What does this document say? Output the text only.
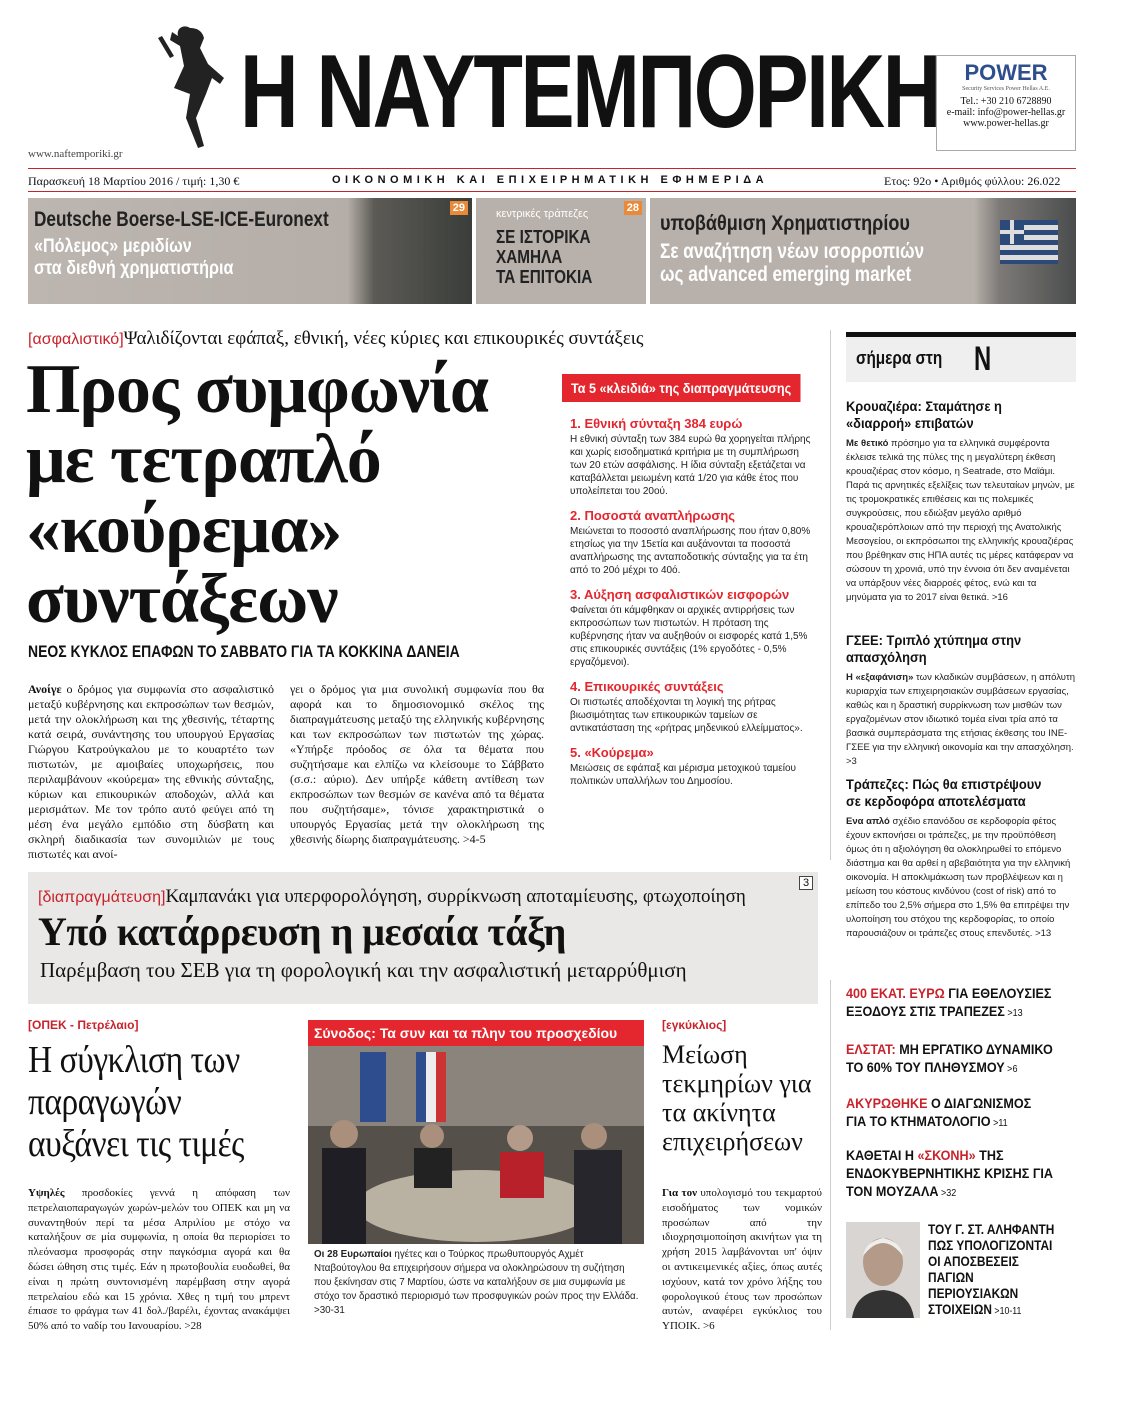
Η ΝΑΥΤΕΜΠΟΡΙΚΗ
www.naftemporiki.gr
POWER
Security Services Power Hellas A.E.
Tel.: +30 210 6728890
e-mail: info@power-hellas.gr
www.power-hellas.gr
Παρασκευή 18 Μαρτίου 2016 / τιμή: 1,30 €	ΟΙΚΟΝΟΜΙΚΗ ΚΑΙ ΕΠΙΧΕΙΡΗΜΑΤΙΚΗ ΕΦΗΜΕΡΙΔΑ	Ετος: 92ο • Αριθμός φύλλου: 26.022
Deutsche Boerse-LSE-ICE-Euronext
«Πόλεμος» μεριδίων
στα διεθνή χρηματιστήρια
29	κεντρικές τράπεζες
ΣΕ ΙΣΤΟΡΙΚΑ
ΧΑΜΗΛΑ
ΤΑ ΕΠΙΤΟΚΙΑ
28
υποβάθμιση Χρηματιστηρίου
Σε αναζήτηση νέων ισορροπιών
ως advanced emerging market
[ασφαλιστικό]Ψαλιδίζονται εφάπαξ, εθνική, νέες κύριες και επικουρικές συντάξεις
Προς συμφωνία
με τετραπλό
«κούρεμα»
συντάξεων
ΝΕΟΣ ΚΥΚΛΟΣ ΕΠΑΦΩΝ ΤΟ ΣΑΒΒΑΤΟ ΓΙΑ ΤΑ ΚΟΚΚΙΝΑ ΔΑΝΕΙΑ
Ανοίγε ο δρόμος για συμφωνία στο ασφαλιστικό μεταξύ κυβέρνησης και εκπροσώπων των θεσμών, μετά την ολοκλήρωση και της χθεσινής, τέταρτης κατά σειρά, συνάντησης του υπουργού Εργασίας Γιώργου Κατρούγκαλου με το κουαρτέτο των πιστωτών, με αμοιβαίες υποχωρήσεις, που περιλαμβάνουν «κούρεμα» της εθνικής σύνταξης, κύριων και επικουρικών αποδοχών, αλλά και μερισμάτων. Με τον τρόπο αυτό φεύγει από τη μέση ένα μεγάλο εμπόδιο στη δύσβατη και σκληρή διαδικασία των συνομιλιών με τους πιστωτές και ανοί-
γει ο δρόμος για μια συνολική συμφωνία που θα αφορά και το δημοσιονομικό σκέλος της διαπραγμάτευσης μεταξύ της ελληνικής κυβέρνησης και των εκπροσώπων των πιστωτών της χώρας. «Υπήρξε πρόοδος σε όλα τα θέματα που συζητήσαμε και ελπίζω να κλείσουμε το Σάββατο (σ.σ.: αύριο). Δεν υπήρξε κάθετη αντίθεση των εκπροσώπων των θεσμών σε κανένα από τα θέματα που συζητήσαμε», τόνισε χαρακτηριστικά ο υπουργός Εργασίας μετά την ολοκλήρωση της χθεσινής δίωρης διαπραγμάτευσης. >4-5
Τα 5 «κλειδιά» της διαπραγμάτευσης
1. Εθνική σύνταξη 384 ευρώ
Η εθνική σύνταξη των 384 ευρώ θα χορηγείται πλήρης και χωρίς εισοδηματικά κριτήρια με τη συμπλήρωση των 20 ετών ασφάλισης. Η ίδια σύνταξη εξετάζεται να καταβάλλεται μειωμένη κατά 1/20 για κάθε έτος που υπολείπεται του 20ού.
2. Ποσοστά αναπλήρωσης
Μειώνεται το ποσοστό αναπλήρωσης που ήταν 0,80% ετησίως για την 15ετία και αυξάνονται τα ποσοστά αναπλήρωσης της ανταποδοτικής σύνταξης για τα έτη από το 20ό μέχρι το 40ό.
3. Αύξηση ασφαλιστικών εισφορών
Φαίνεται ότι κάμφθηκαν οι αρχικές αντιρρήσεις των εκπροσώπων των πιστωτών. Η πρόταση της κυβέρνησης ήταν να αυξηθούν οι εισφορές κατά 1,5% στις επικουρικές συντάξεις (1% εργοδότες - 0,5% εργαζόμενοι).
4. Επικουρικές συντάξεις
Οι πιστωτές αποδέχονται τη λογική της ρήτρας βιωσιμότητας των επικουρικών ταμείων σε αντικατάσταση της «ρήτρας μηδενικού ελλείμματος».
5. «Κούρεμα»
Μειώσεις σε εφάπαξ και μέρισμα μετοχικού ταμείου πολιτικών υπαλλήλων του Δημοσίου.
σήμερα στη N
Κρουαζιέρα: Σταμάτησε η «διαρροή» επιβατών
Με θετικό πρόσημο για τα ελληνικά συμφέροντα έκλεισε τελικά της πύλες της η μεγαλύτερη έκθεση κρουαζιέρας στον κόσμο, η Seatrade, στο Μαϊάμι. Παρά τις αρνητικές εξελίξεις των τελευταίων μηνών, με τις τρομοκρατικές επιθέσεις και τις πολεμικές συγκρούσεις, που εδιώξαν μεγάλο αριθμό κρουαζιερόπλοιων από την περιοχή της Ανατολικής Μεσογείου, οι εκπρόσωποι της ελληνικής κρουαζιέρας που βρέθηκαν στις ΗΠΑ αυτές τις μέρες κατάφεραν να σώσουν τη χρονιά, υπό την έννοια ότι δεν αναμένεται να υπάρξουν νέες διαρροές φέτος, ενώ και τα μηνύματα για το 2017 είναι θετικά. >16
ΓΣΕΕ: Τριπλό χτύπημα στην απασχόληση
Η «εξαφάνιση» των κλαδικών συμβάσεων, η απόλυτη κυριαρχία των επιχειρησιακών συμβάσεων εργασίας, καθώς και η δραστική συρρίκνωση των μισθών των εργαζομένων στον ιδιωτικό τομέα είναι τρία από τα βασικά συμπεράσματα της ετήσιας έκθεσης του ΙΝΕ-ΓΣΕΕ για την ελληνική οικονομία και την απασχόληση. >3
Τράπεζες: Πώς θα επιστρέψουν σε κερδοφόρα αποτελέσματα
Ενα απλό σχέδιο επανόδου σε κερδοφορία φέτος έχουν εκπονήσει οι τράπεζες, με την προϋπόθεση όμως ότι η αξιολόγηση θα ολοκληρωθεί το επόμενο διάστημα και θα αρθεί η αβεβαιότητα για την ελληνική οικονομία. Η αποκλιμάκωση των προβλέψεων και η μείωση του κόστους κινδύνου (cost of risk) από το επίπεδο του 2,5% σήμερα στο 1,5% θα επιτρέψει την υλοποίηση του στόχου της κερδοφορίας, το οποίο παρουσιάζουν οι τράπεζες στους επενδυτές. >13
[διαπραγμάτευση]Καμπανάκι για υπερφορολόγηση, συρρίκνωση αποταμίευσης, φτωχοποίηση
3
Υπό κατάρρευση η μεσαία τάξη
Παρέμβαση του ΣΕΒ για τη φορολογική και την ασφαλιστική μεταρρύθμιση
400 ΕΚΑΤ. ΕΥΡΩ ΓΙΑ ΕΘΕΛΟΥΣΙΕΣ ΕΞΟΔΟΥΣ ΣΤΙΣ ΤΡΑΠΕΖΕΣ >13
ΕΛΣΤΑΤ: ΜΗ ΕΡΓΑΤΙΚΟ ΔΥΝΑΜΙΚΟ ΤΟ 60% ΤΟΥ ΠΛΗΘΥΣΜΟΥ >6
ΑΚΥΡΩΘΗΚΕ Ο ΔΙΑΓΩΝΙΣΜΟΣ ΓΙΑ ΤΟ ΚΤΗΜΑΤΟΛΟΓΙΟ >11
ΚΑΘΕΤΑΙ Η «ΣΚΟΝΗ» ΤΗΣ ΕΝΔΟΚΥΒΕΡΝΗΤΙΚΗΣ ΚΡΙΣΗΣ ΓΙΑ ΤΟΝ ΜΟΥΖΑΛΑ >32
ΤΟΥ Γ. ΣΤ. ΑΛΗΦΑΝΤΗ ΠΩΣ ΥΠΟΛΟΓΙΖΟΝΤΑΙ ΟΙ ΑΠΟΣΒΕΣΕΙΣ ΠΑΓΙΩΝ ΠΕΡΙΟΥΣΙΑΚΩΝ ΣΤΟΙΧΕΙΩΝ >10-11
[ΟΠΕΚ - Πετρέλαιο]
Η σύγκλιση των παραγωγών αυξάνει τις τιμές
Υψηλές προσδοκίες γεννά η απόφαση των πετρελαιοπαραγωγών χωρών-μελών του ΟΠΕΚ και μη να συναντηθούν περί τα μέσα Απριλίου με στόχο να καταλήξουν σε μία συμφωνία, η οποία θα περιορίσει το πλεόνασμα προσφοράς στην παγκόσμια αγορά και θα δώσει ώθηση στις τιμές. Εάν η πρωτοβουλία ευοδωθεί, θα είναι η πρώτη συντονισμένη παρέμβαση στην αγορά πετρελαίου εδώ και 15 χρόνια. Χθες η τιμή του μπρεντ έπιασε το φράγμα των 41 δολ./βαρέλι, έχοντας ανακάμψει 50% από το ναδίρ του Ιανουαρίου. >28
Σύνοδος: Τα συν και τα πλην του προσχεδίου
Οι 28 Ευρωπαίοι ηγέτες και ο Τούρκος πρωθυπουργός Αχμέτ Νταβούτογλου θα επιχειρήσουν σήμερα να ολοκληρώσουν τη συζήτηση που ξεκίνησαν στις 7 Μαρτίου, ώστε να καταλήξουν σε μια συμφωνία με στόχο τον δραστικό περιορισμό των προσφυγικών ροών προς την Ελλάδα. >30-31
[εγκύκλιος]
Μείωση τεκμηρίων για τα ακίνητα επιχειρήσεων
Για τον υπολογισμό του τεκμαρτού εισοδήματος των νομικών προσώπων από την ιδιοχρησιμοποίηση ακινήτων για τη χρήση 2015 λαμβάνονται υπ' όψιν οι αντικειμενικές αξίες, όπως αυτές ισχύουν, κατά τον χρόνο λήξης του φορολογικού έτους των προσώπων αυτών, αναφέρει εγκύκλιος του ΥΠΟΙΚ. >6
